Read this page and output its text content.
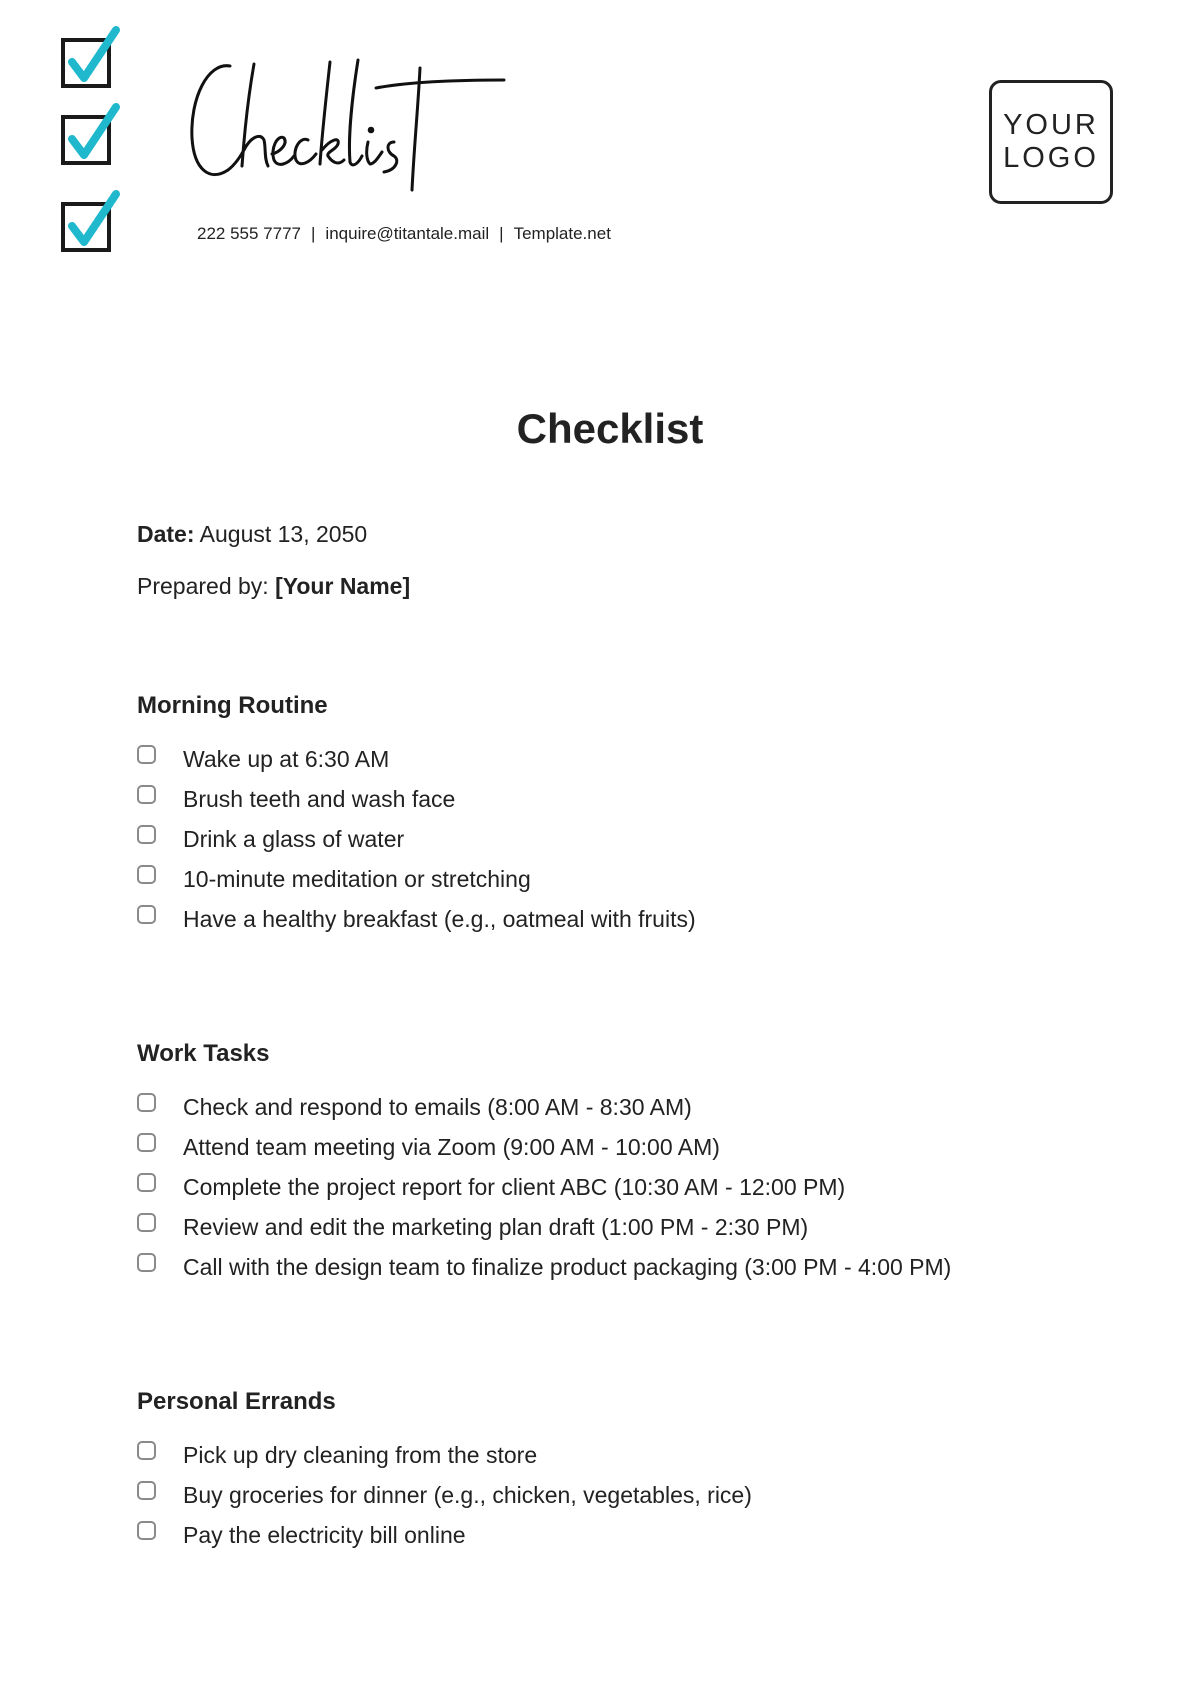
222 555 7777 | inquire@titantale.mail | Template.net
YOUR
LOGO
Checklist
Date: August 13, 2050
Prepared by: [Your Name]
Morning Routine
Wake up at 6:30 AM
Brush teeth and wash face
Drink a glass of water
10-minute meditation or stretching
Have a healthy breakfast (e.g., oatmeal with fruits)
Work Tasks
Check and respond to emails (8:00 AM - 8:30 AM)
Attend team meeting via Zoom (9:00 AM - 10:00 AM)
Complete the project report for client ABC (10:30 AM - 12:00 PM)
Review and edit the marketing plan draft (1:00 PM - 2:30 PM)
Call with the design team to finalize product packaging (3:00 PM - 4:00 PM)
Personal Errands
Pick up dry cleaning from the store
Buy groceries for dinner (e.g., chicken, vegetables, rice)
Pay the electricity bill online
